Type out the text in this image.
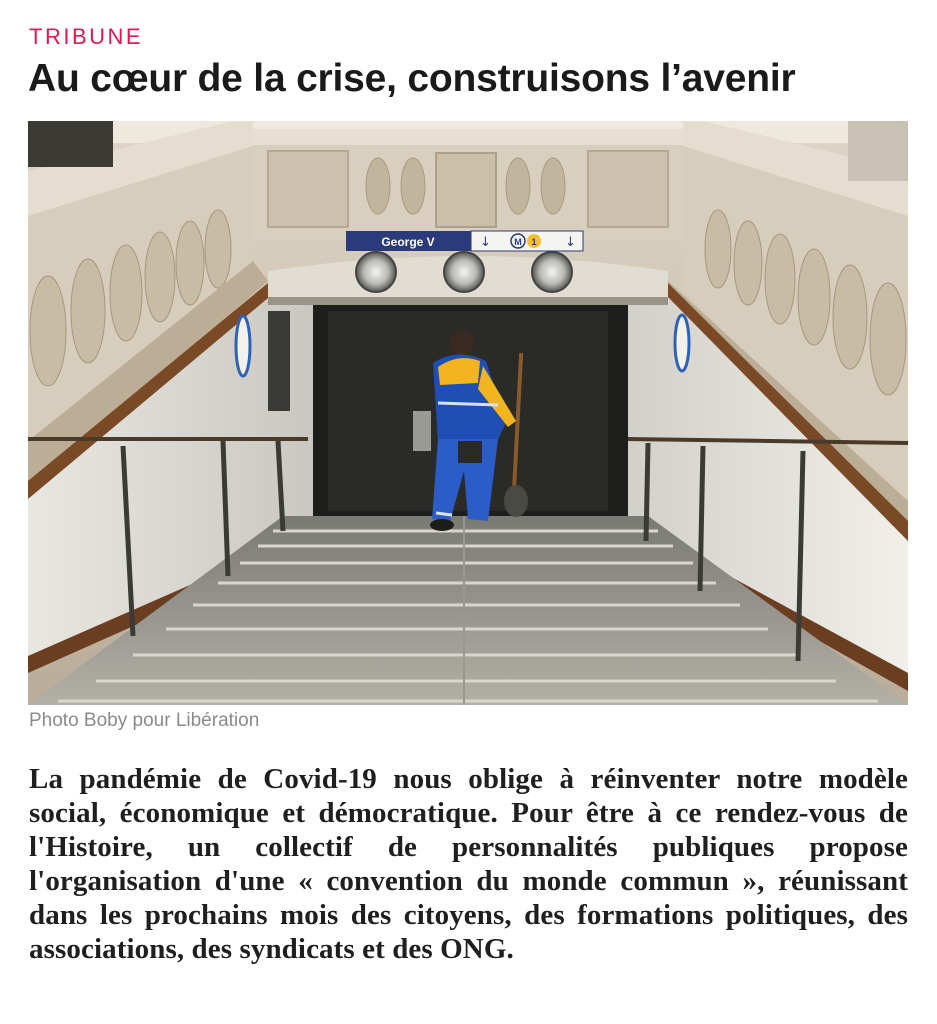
TRIBUNE
Au cœur de la crise, construisons l’avenir
George V	↓	M 1 ↓
Photo Boby pour Libération

La pandémie de Covid-19 nous oblige à réinventer notre modèle social, économique et démocratique. Pour être à ce rendez-vous de l'Histoire, un collectif de personnalités publiques propose l'organisation d'une « convention du monde commun », réunissant dans les prochains mois des citoyens, des formations politiques, des associations, des syndicats et des ONG.
